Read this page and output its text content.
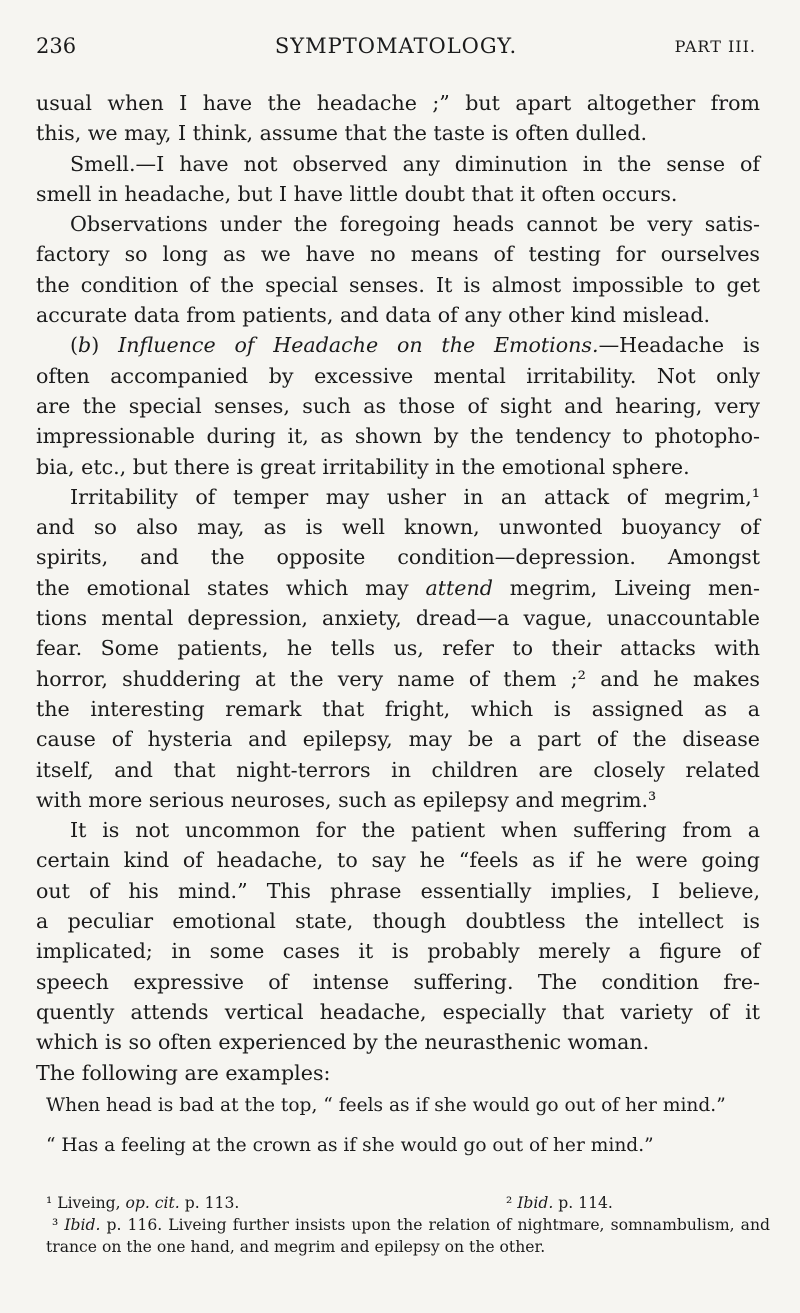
236	SYMPTOMATOLOGY.	PART III.

usual when I have the headache ;” but apart altogether from

this, we may, I think, assume that the taste is often dulled.

Smell.—I have not observed any diminution in the sense of

smell in headache, but I have little doubt that it often occurs.

Observations under the foregoing heads cannot be very satis-

factory so long as we have no means of testing for ourselves

the condition of the special senses. It is almost impossible to get

accurate data from patients, and data of any other kind mislead.

(b) Influence of Headache on the Emotions.—Headache is

often accompanied by excessive mental irritability. Not only

are the special senses, such as those of sight and hearing, very

impressionable during it, as shown by the tendency to photopho-

bia, etc., but there is great irritability in the emotional sphere.

Irritability of temper may usher in an attack of megrim,¹

and so also may, as is well known, unwonted buoyancy of

spirits, and the opposite condition—depression. Amongst

the emotional states which may attend megrim, Liveing men-

tions mental depression, anxiety, dread—a vague, unaccountable

fear. Some patients, he tells us, refer to their attacks with

horror, shuddering at the very name of them ;² and he makes

the interesting remark that fright, which is assigned as a

cause of hysteria and epilepsy, may be a part of the disease

itself, and that night-terrors in children are closely related

with more serious neuroses, such as epilepsy and megrim.³

It is not uncommon for the patient when suffering from a

certain kind of headache, to say he “feels as if he were going

out of his mind.” This phrase essentially implies, I believe,

a peculiar emotional state, though doubtless the intellect is

implicated; in some cases it is probably merely a figure of

speech expressive of intense suffering. The condition fre-

quently attends vertical headache, especially that variety of it

which is so often experienced by the neurasthenic woman.

The following are examples:

When head is bad at the top, “ feels as if she would go out of her mind.”

“ Has a feeling at the crown as if she would go out of her mind.”

¹ Liveing, op. cit. p. 113.	² Ibid. p. 114.

³ Ibid. p. 116. Liveing further insists upon the relation of nightmare, somnambulism, and trance on the one hand, and megrim and epilepsy on the other.
